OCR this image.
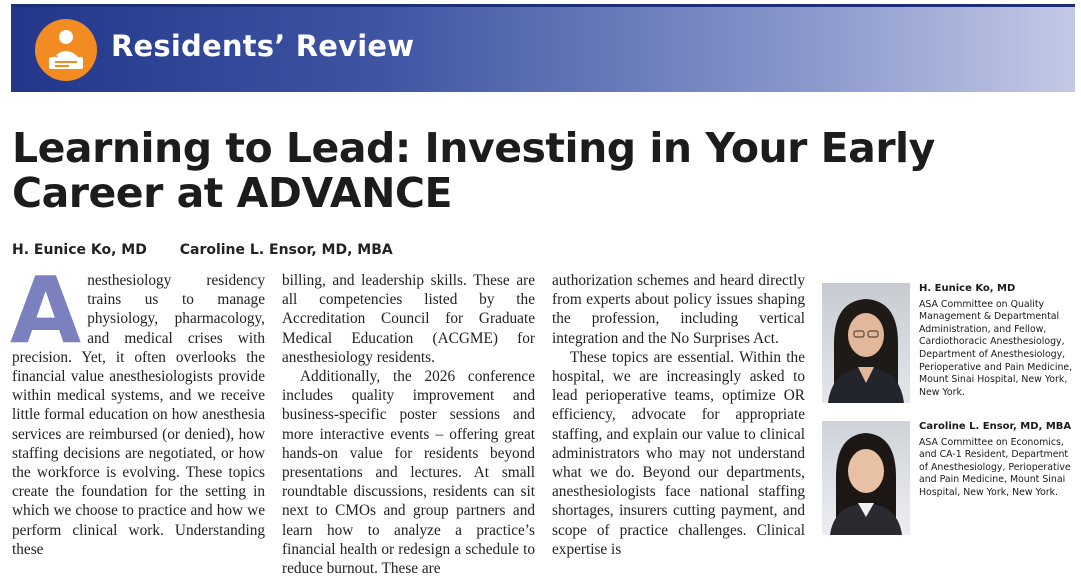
Residents’ Review
Learning to Lead: Investing in Your Early Career at ADVANCE
H. Eunice Ko, MD Caroline L. Ensor, MD, MBA
A nesthesiology residency trains us to manage physiology, pharmacology, and medical crises with precision. Yet, it often overlooks the financial value anesthesiologists provide within medical systems, and we receive little formal education on how anesthesia services are reimbursed (or denied), how staffing decisions are negotiated, or how the workforce is evolving. These topics create the foundation for the setting in which we choose to practice and how we perform clinical work. Understanding these

billing, and leadership skills. These are all competencies listed by the Accreditation Council for Graduate Medical Education (ACGME) for anesthesiology residents.

Additionally, the 2026 conference includes quality improvement and business-specific poster sessions and more interactive events – offering great hands-on value for residents beyond presentations and lectures. At small roundtable discussions, residents can sit next to CMOs and group partners and learn how to analyze a practice’s financial health or redesign a schedule to reduce burnout. These are

authorization schemes and heard directly from experts about policy issues shaping the profession, including vertical integration and the No Surprises Act.

These topics are essential. Within the hospital, we are increasingly asked to lead perioperative teams, optimize OR efficiency, advocate for appropriate staffing, and explain our value to clinical administrators who may not understand what we do. Beyond our departments, anesthesiologists face national staffing shortages, insurers cutting payment, and scope of practice challenges. Clinical expertise is

H. Eunice Ko, MD
ASA Committee on Quality Management & Departmental Administration, and Fellow, Cardiothoracic Anesthesiology, Department of Anesthesiology, Perioperative and Pain Medicine, Mount Sinai Hospital, New York, New York.
Caroline L. Ensor, MD, MBA
ASA Committee on Economics, and CA-1 Resident, Department of Anesthesiology, Perioperative and Pain Medicine, Mount Sinai Hospital, New York, New York.
